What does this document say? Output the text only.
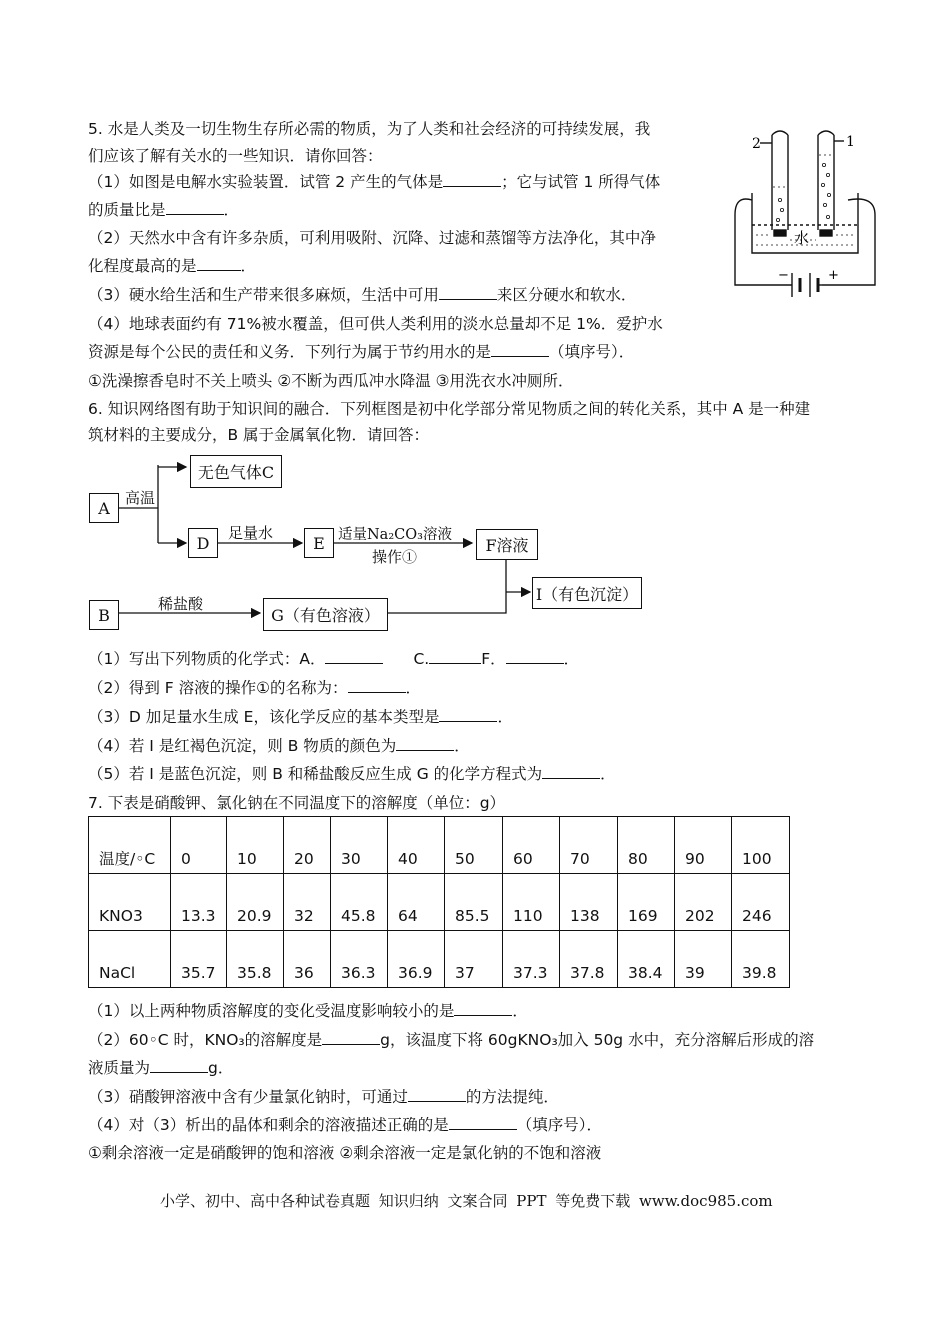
5. 水是人类及一切生物生存所必需的物质，为了人类和社会经济的可持续发展，我
们应该了解有关水的一些知识．请你回答：
（1）如图是电解水实验装置．试管 2 产生的气体是	；它与试管 1 所得气体
的质量比是	．
（2）天然水中含有许多杂质，可利用吸附、沉降、过滤和蒸馏等方法净化，其中净
化程度最高的是	．
（3）硬水给生活和生产带来很多麻烦，生活中可用	来区分硬水和软水．
（4）地球表面约有 71%被水覆盖，但可供人类利用的淡水总量却不足 1%．爱护水
资源是每个公民的责任和义务．下列行为属于节约用水的是	（填序号）．
①洗澡擦香皂时不关上喷头 ②不断为西瓜冲水降温 ③用洗衣水冲厕所．
2	1
水
−	+
6. 知识网络图有助于知识间的融合．下列框图是初中化学部分常见物质之间的转化关系，其中 A 是一种建
筑材料的主要成分，B 属于金属氧化物．请回答：
A
无色气体C
D	E	F溶液
I（有色沉淀）
B	G（有色溶液）
高温
足量水	适量Na₂CO₃溶液
操作①
稀盐酸
（1）写出下列物质的化学式：A．	C.	F．	．
（2）得到 F 溶液的操作①的名称为：	．
（3）D 加足量水生成 E，该化学反应的基本类型是	．
（4）若 I 是红褐色沉淀，则 B 物质的颜色为	．
（5）若 I 是蓝色沉淀，则 B 和稀盐酸反应生成 G 的化学方程式为	．
7. 下表是硝酸钾、氯化钠在不同温度下的溶解度（单位：g）
温度/◦C	0	10	20	30	40	50	60	70	80	90	100
KNO3	13.3	20.9	32	45.8	64	85.5	110	138	169	202	246
NaCl	35.7	35.8	36	36.3	36.9	37	37.3	37.8	38.4	39	39.8
（1）以上两种物质溶解度的变化受温度影响较小的是	．
（2）60◦C 时，KNO₃的溶解度是	g，该温度下将 60gKNO₃加入 50g 水中，充分溶解后形成的溶
液质量为	g．
（3）硝酸钾溶液中含有少量氯化钠时，可通过	的方法提纯．
（4）对（3）析出的晶体和剩余的溶液描述正确的是	（填序号）．
①剩余溶液一定是硝酸钾的饱和溶液 ②剩余溶液一定是氯化钠的不饱和溶液
小学、初中、高中各种试卷真题 知识归纳 文案合同 PPT 等免费下载 www.doc985.com
